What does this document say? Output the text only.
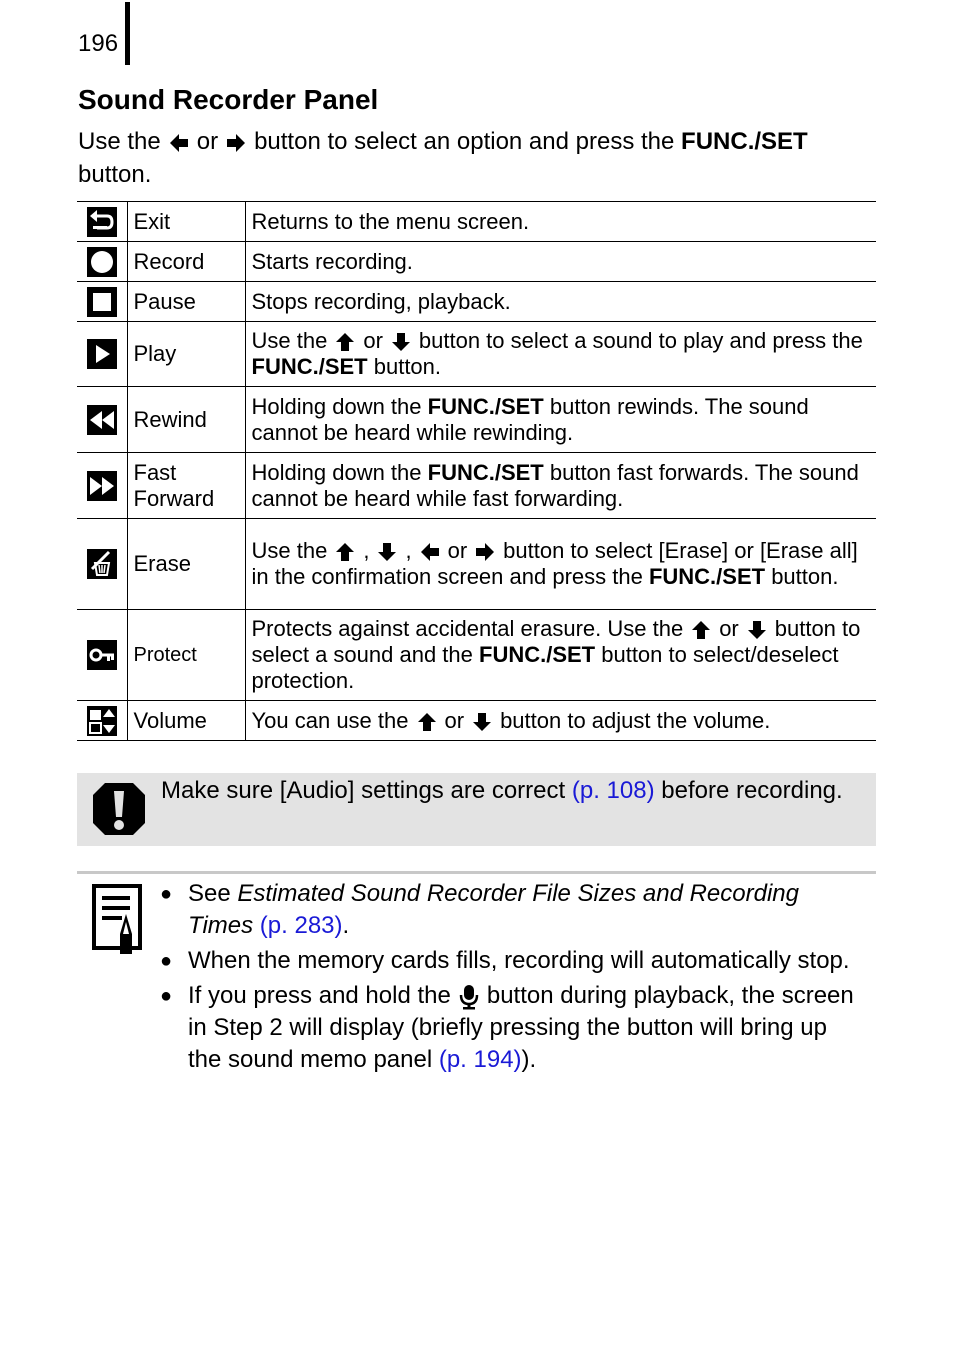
196
Sound Recorder Panel

Use the or button to select an option and press the FUNC./SET button.

	Exit	Returns to the menu screen.

	Record	Starts recording.

	Pause	Stops recording, playback.

	Play	Use the or button to select a sound to play and press the FUNC./SET button.

	Rewind	Holding down the FUNC./SET button rewinds. The sound cannot be heard while rewinding.

	Fast Forward	Holding down the FUNC./SET button fast forwards. The sound cannot be heard while fast forwarding.

	Erase	Use the , , or button to select [Erase] or [Erase all] in the confirmation screen and press the FUNC./SET button.

	Protect	Protects against accidental erasure. Use the or button to select a sound and the FUNC./SET button to select/deselect protection.

	Volume	You can use the or button to adjust the volume.

Make sure [Audio] settings are correct (p. 108) before recording.

● See Estimated Sound Recorder File Sizes and Recording Times (p. 283).
● When the memory cards fills, recording will automatically stop.
● If you press and hold the button during playback, the screen in Step 2 will display (briefly pressing the button will bring up the sound memo panel (p. 194)).
